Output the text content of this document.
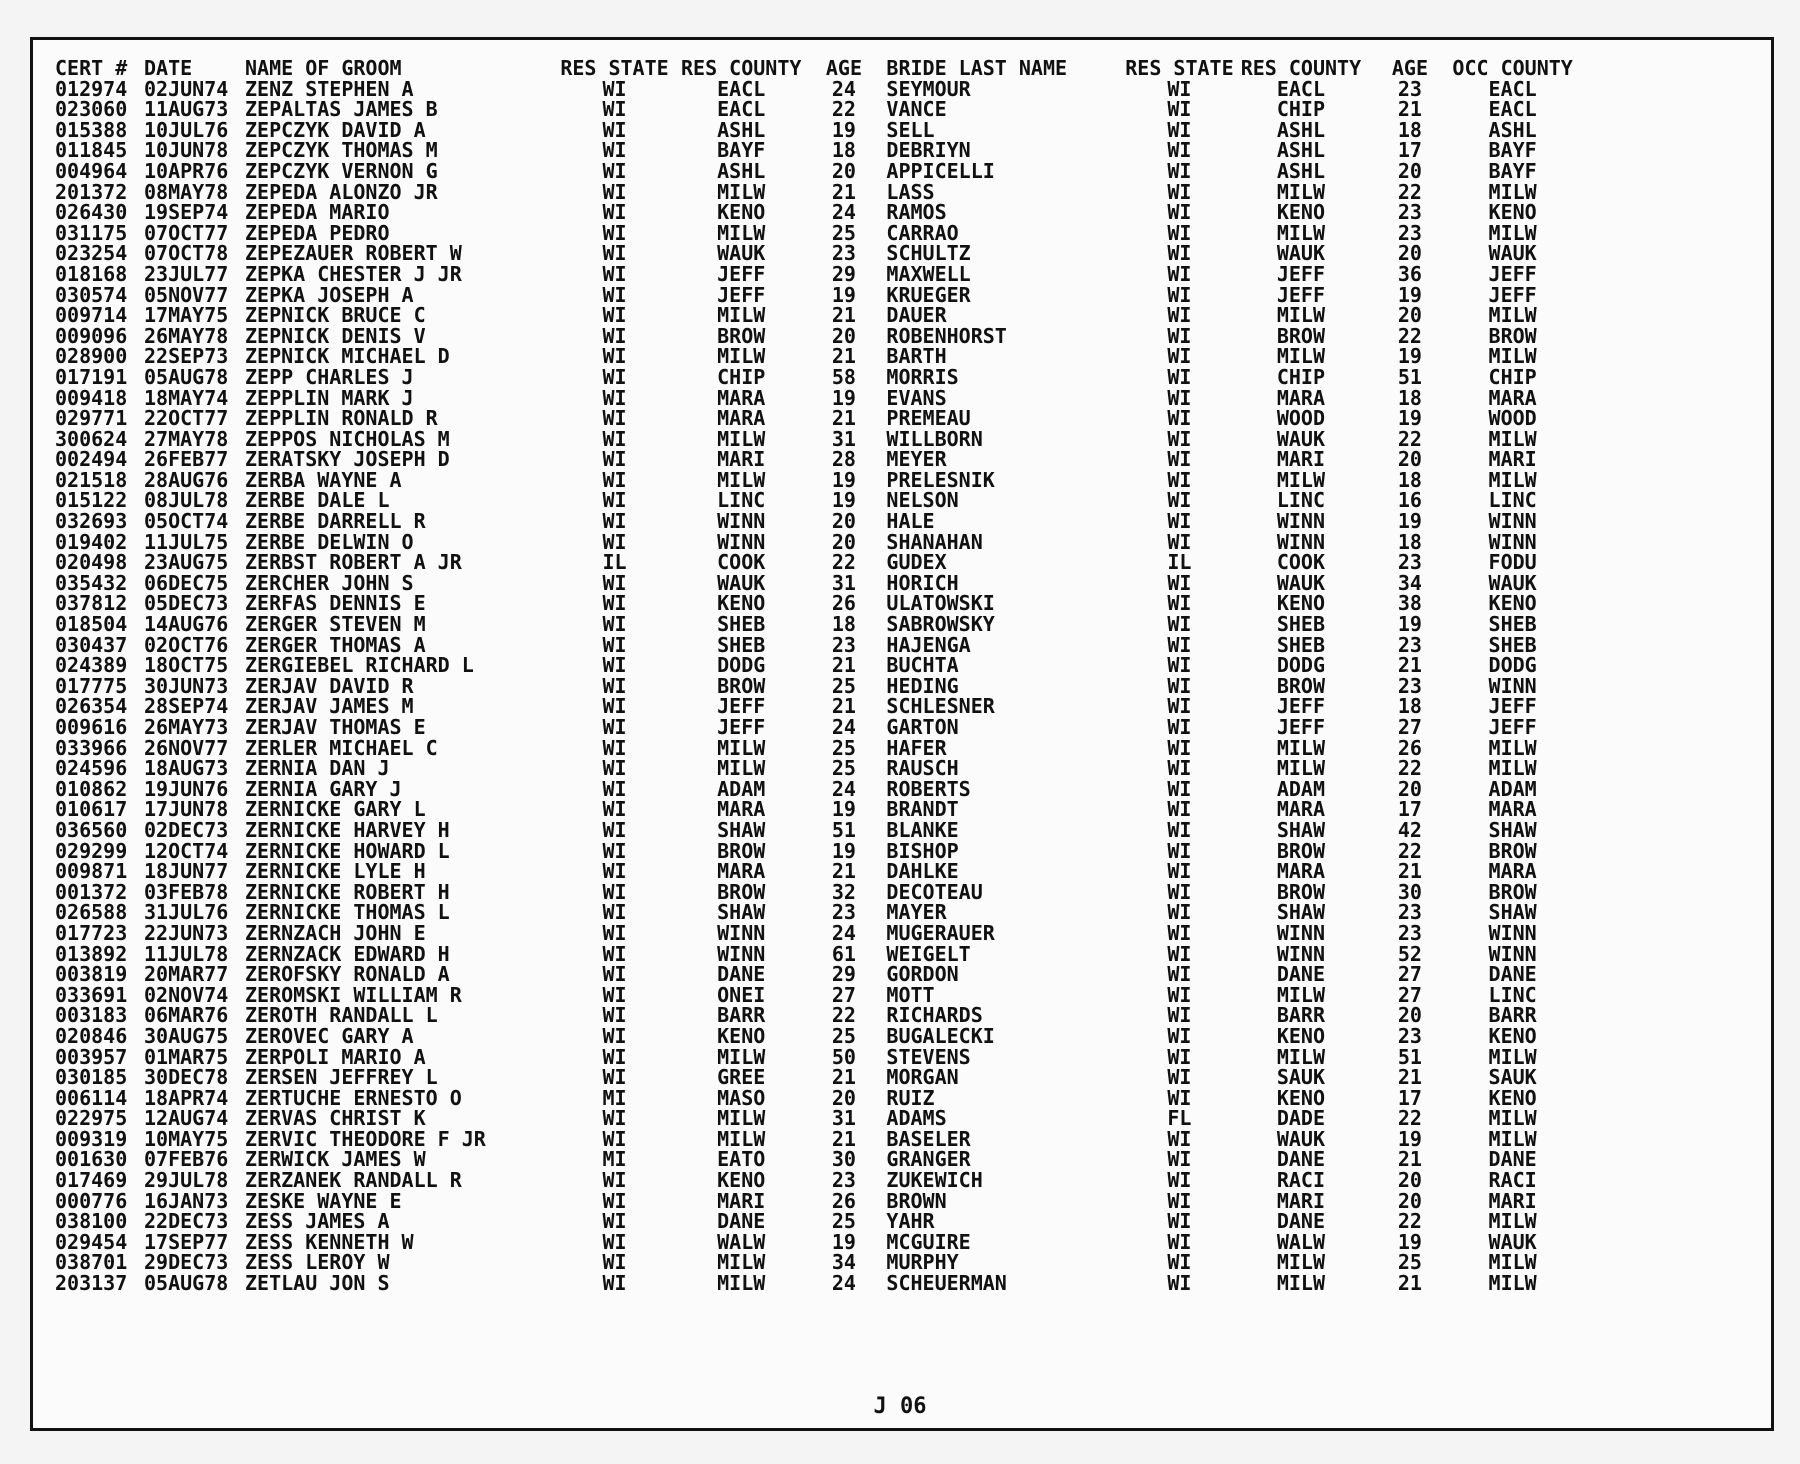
CERT #	DATE	NAME OF GROOM	RES STATE	RES COUNTY	AGE	BRIDE LAST NAME	RES STATE	RES COUNTY	AGE	OCC COUNTY
012974	02JUN74	ZENZ STEPHEN A	WI	EACL	24	SEYMOUR	WI	EACL	23	EACL
023060	11AUG73	ZEPALTAS JAMES B	WI	EACL	22	VANCE	WI	CHIP	21	EACL
015388	10JUL76	ZEPCZYK DAVID A	WI	ASHL	19	SELL	WI	ASHL	18	ASHL
011845	10JUN78	ZEPCZYK THOMAS M	WI	BAYF	18	DEBRIYN	WI	ASHL	17	BAYF
004964	10APR76	ZEPCZYK VERNON G	WI	ASHL	20	APPICELLI	WI	ASHL	20	BAYF
201372	08MAY78	ZEPEDA ALONZO JR	WI	MILW	21	LASS	WI	MILW	22	MILW
026430	19SEP74	ZEPEDA MARIO	WI	KENO	24	RAMOS	WI	KENO	23	KENO
031175	07OCT77	ZEPEDA PEDRO	WI	MILW	25	CARRAO	WI	MILW	23	MILW
023254	07OCT78	ZEPEZAUER ROBERT W	WI	WAUK	23	SCHULTZ	WI	WAUK	20	WAUK
018168	23JUL77	ZEPKA CHESTER J JR	WI	JEFF	29	MAXWELL	WI	JEFF	36	JEFF
030574	05NOV77	ZEPKA JOSEPH A	WI	JEFF	19	KRUEGER	WI	JEFF	19	JEFF
009714	17MAY75	ZEPNICK BRUCE C	WI	MILW	21	DAUER	WI	MILW	20	MILW
009096	26MAY78	ZEPNICK DENIS V	WI	BROW	20	ROBENHORST	WI	BROW	22	BROW
028900	22SEP73	ZEPNICK MICHAEL D	WI	MILW	21	BARTH	WI	MILW	19	MILW
017191	05AUG78	ZEPP CHARLES J	WI	CHIP	58	MORRIS	WI	CHIP	51	CHIP
009418	18MAY74	ZEPPLIN MARK J	WI	MARA	19	EVANS	WI	MARA	18	MARA
029771	22OCT77	ZEPPLIN RONALD R	WI	MARA	21	PREMEAU	WI	WOOD	19	WOOD
300624	27MAY78	ZEPPOS NICHOLAS M	WI	MILW	31	WILLBORN	WI	WAUK	22	MILW
002494	26FEB77	ZERATSKY JOSEPH D	WI	MARI	28	MEYER	WI	MARI	20	MARI
021518	28AUG76	ZERBA WAYNE A	WI	MILW	19	PRELESNIK	WI	MILW	18	MILW
015122	08JUL78	ZERBE DALE L	WI	LINC	19	NELSON	WI	LINC	16	LINC
032693	05OCT74	ZERBE DARRELL R	WI	WINN	20	HALE	WI	WINN	19	WINN
019402	11JUL75	ZERBE DELWIN O	WI	WINN	20	SHANAHAN	WI	WINN	18	WINN
020498	23AUG75	ZERBST ROBERT A JR	IL	COOK	22	GUDEX	IL	COOK	23	FODU
035432	06DEC75	ZERCHER JOHN S	WI	WAUK	31	HORICH	WI	WAUK	34	WAUK
037812	05DEC73	ZERFAS DENNIS E	WI	KENO	26	ULATOWSKI	WI	KENO	38	KENO
018504	14AUG76	ZERGER STEVEN M	WI	SHEB	18	SABROWSKY	WI	SHEB	19	SHEB
030437	02OCT76	ZERGER THOMAS A	WI	SHEB	23	HAJENGA	WI	SHEB	23	SHEB
024389	18OCT75	ZERGIEBEL RICHARD L	WI	DODG	21	BUCHTA	WI	DODG	21	DODG
017775	30JUN73	ZERJAV DAVID R	WI	BROW	25	HEDING	WI	BROW	23	WINN
026354	28SEP74	ZERJAV JAMES M	WI	JEFF	21	SCHLESNER	WI	JEFF	18	JEFF
009616	26MAY73	ZERJAV THOMAS E	WI	JEFF	24	GARTON	WI	JEFF	27	JEFF
033966	26NOV77	ZERLER MICHAEL C	WI	MILW	25	HAFER	WI	MILW	26	MILW
024596	18AUG73	ZERNIA DAN J	WI	MILW	25	RAUSCH	WI	MILW	22	MILW
010862	19JUN76	ZERNIA GARY J	WI	ADAM	24	ROBERTS	WI	ADAM	20	ADAM
010617	17JUN78	ZERNICKE GARY L	WI	MARA	19	BRANDT	WI	MARA	17	MARA
036560	02DEC73	ZERNICKE HARVEY H	WI	SHAW	51	BLANKE	WI	SHAW	42	SHAW
029299	12OCT74	ZERNICKE HOWARD L	WI	BROW	19	BISHOP	WI	BROW	22	BROW
009871	18JUN77	ZERNICKE LYLE H	WI	MARA	21	DAHLKE	WI	MARA	21	MARA
001372	03FEB78	ZERNICKE ROBERT H	WI	BROW	32	DECOTEAU	WI	BROW	30	BROW
026588	31JUL76	ZERNICKE THOMAS L	WI	SHAW	23	MAYER	WI	SHAW	23	SHAW
017723	22JUN73	ZERNZACH JOHN E	WI	WINN	24	MUGERAUER	WI	WINN	23	WINN
013892	11JUL78	ZERNZACK EDWARD H	WI	WINN	61	WEIGELT	WI	WINN	52	WINN
003819	20MAR77	ZEROFSKY RONALD A	WI	DANE	29	GORDON	WI	DANE	27	DANE
033691	02NOV74	ZEROMSKI WILLIAM R	WI	ONEI	27	MOTT	WI	MILW	27	LINC
003183	06MAR76	ZEROTH RANDALL L	WI	BARR	22	RICHARDS	WI	BARR	20	BARR
020846	30AUG75	ZEROVEC GARY A	WI	KENO	25	BUGALECKI	WI	KENO	23	KENO
003957	01MAR75	ZERPOLI MARIO A	WI	MILW	50	STEVENS	WI	MILW	51	MILW
030185	30DEC78	ZERSEN JEFFREY L	WI	GREE	21	MORGAN	WI	SAUK	21	SAUK
006114	18APR74	ZERTUCHE ERNESTO O	MI	MASO	20	RUIZ	WI	KENO	17	KENO
022975	12AUG74	ZERVAS CHRIST K	WI	MILW	31	ADAMS	FL	DADE	22	MILW
009319	10MAY75	ZERVIC THEODORE F JR	WI	MILW	21	BASELER	WI	WAUK	19	MILW
001630	07FEB76	ZERWICK JAMES W	MI	EATO	30	GRANGER	WI	DANE	21	DANE
017469	29JUL78	ZERZANEK RANDALL R	WI	KENO	23	ZUKEWICH	WI	RACI	20	RACI
000776	16JAN73	ZESKE WAYNE E	WI	MARI	26	BROWN	WI	MARI	20	MARI
038100	22DEC73	ZESS JAMES A	WI	DANE	25	YAHR	WI	DANE	22	MILW
029454	17SEP77	ZESS KENNETH W	WI	WALW	19	MCGUIRE	WI	WALW	19	WAUK
038701	29DEC73	ZESS LEROY W	WI	MILW	34	MURPHY	WI	MILW	25	MILW
203137	05AUG78	ZETLAU JON S	WI	MILW	24	SCHEUERMAN	WI	MILW	21	MILW
J 06
